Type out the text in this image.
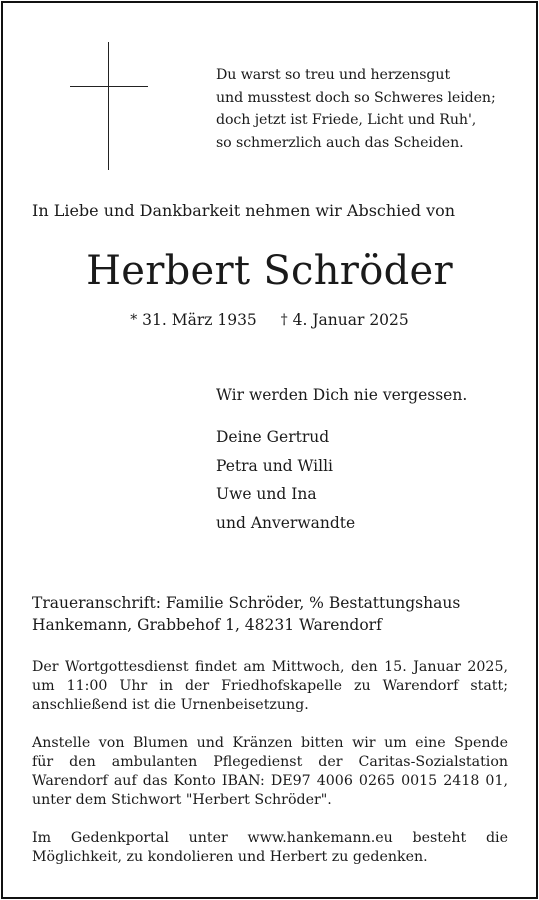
Du warst so treu und herzensgut
und musstest doch so Schweres leiden;
doch jetzt ist Friede, Licht und Ruh',
so schmerzlich auch das Scheiden.
In Liebe und Dankbarkeit nehmen wir Abschied von
Herbert Schröder
* 31. März 1935 † 4. Januar 2025
Wir werden Dich nie vergessen.
Deine Gertrud
Petra und Willi
Uwe und Ina
und Anverwandte
Traueranschrift: Familie Schröder, % Bestattungshaus
Hankemann, Grabbehof 1, 48231 Warendorf
Der Wortgottesdienst findet am Mittwoch, den 15. Januar 2025,
um 11:00 Uhr in der Friedhofskapelle zu Warendorf statt;
anschließend ist die Urnenbeisetzung.
Anstelle von Blumen und Kränzen bitten wir um eine Spende
für den ambulanten Pflegedienst der Caritas-Sozialstation
Warendorf auf das Konto IBAN: DE97 4006 0265 0015 2418 01,
unter dem Stichwort "Herbert Schröder".
Im Gedenkportal unter www.hankemann.eu besteht die
Möglichkeit, zu kondolieren und Herbert zu gedenken.
